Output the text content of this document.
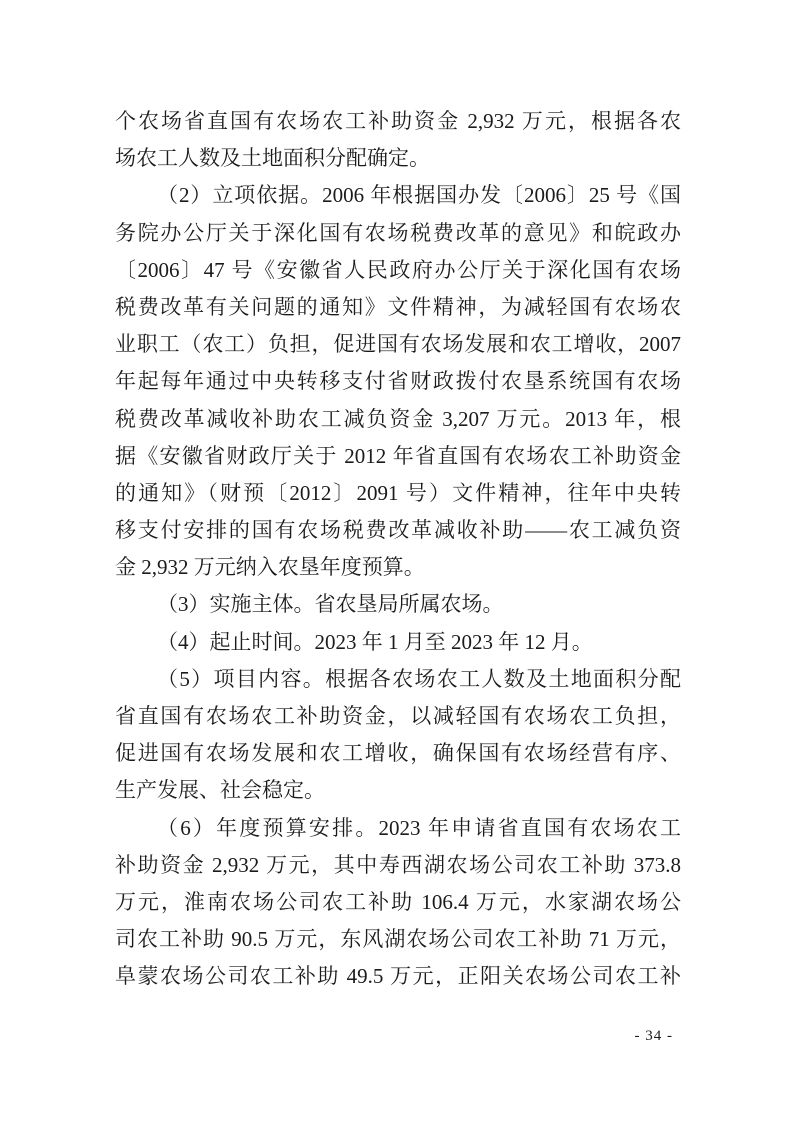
个农场省直国有农场农工补助资金 2,932 万元，根据各农
场农工人数及土地面积分配确定。
（2）立项依据。2006 年根据国办发〔2006〕25 号《国
务院办公厅关于深化国有农场税费改革的意见》和皖政办
〔2006〕47 号《安徽省人民政府办公厅关于深化国有农场
税费改革有关问题的通知》文件精神，为减轻国有农场农
业职工（农工）负担，促进国有农场发展和农工增收，2007
年起每年通过中央转移支付省财政拨付农垦系统国有农场
税费改革减收补助农工减负资金 3,207 万元。2013 年，根
据《安徽省财政厅关于 2012 年省直国有农场农工补助资金
的通知》（财预〔2012〕2091 号）文件精神，往年中央转
移支付安排的国有农场税费改革减收补助——农工减负资
金 2,932 万元纳入农垦年度预算。
（3）实施主体。省农垦局所属农场。
（4）起止时间。2023 年 1 月至 2023 年 12 月。
（5）项目内容。根据各农场农工人数及土地面积分配
省直国有农场农工补助资金，以减轻国有农场农工负担，
促进国有农场发展和农工增收，确保国有农场经营有序、
生产发展、社会稳定。
（6）年度预算安排。2023 年申请省直国有农场农工
补助资金 2,932 万元，其中寿西湖农场公司农工补助 373.8
万元，淮南农场公司农工补助 106.4 万元，水家湖农场公
司农工补助 90.5 万元，东风湖农场公司农工补助 71 万元，
阜蒙农场公司农工补助 49.5 万元，正阳关农场公司农工补
- 34 -
